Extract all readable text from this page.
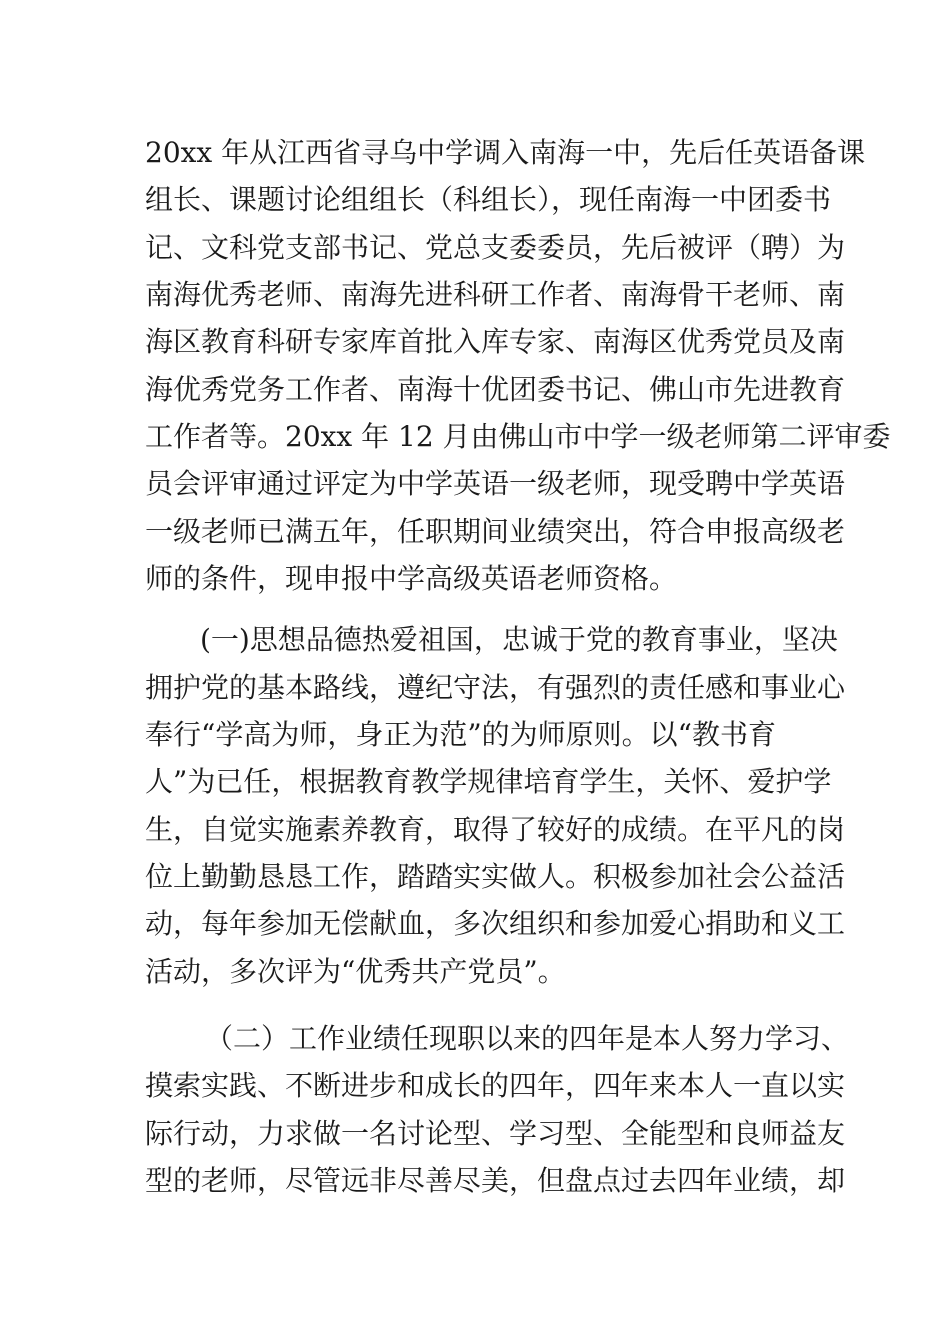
20xx 年从江西省寻乌中学调入南海一中，先后任英语备课
组长、课题讨论组组长（科组长），现任南海一中团委书
记、文科党支部书记、党总支委委员，先后被评（聘）为
南海优秀老师、南海先进科研工作者、南海骨干老师、南
海区教育科研专家库首批入库专家、南海区优秀党员及南
海优秀党务工作者、南海十优团委书记、佛山市先进教育
工作者等。20xx 年 12 月由佛山市中学一级老师第二评审委
员会评审通过评定为中学英语一级老师，现受聘中学英语
一级老师已满五年，任职期间业绩突出，符合申报高级老
师的条件，现申报中学高级英语老师资格。
(一)思想品德热爱祖国，忠诚于党的教育事业，坚决
拥护党的基本路线，遵纪守法，有强烈的责任感和事业心
奉行“学高为师，身正为范”的为师原则。以“教书育
人”为已任，根据教育教学规律培育学生，关怀、爱护学
生，自觉实施素养教育，取得了较好的成绩。在平凡的岗
位上勤勤恳恳工作，踏踏实实做人。积极参加社会公益活
动，每年参加无偿献血，多次组织和参加爱心捐助和义工
活动，多次评为“优秀共产党员”。
（二）工作业绩任现职以来的四年是本人努力学习、
摸索实践、不断进步和成长的四年，四年来本人一直以实
际行动，力求做一名讨论型、学习型、全能型和良师益友
型的老师，尽管远非尽善尽美，但盘点过去四年业绩，却
